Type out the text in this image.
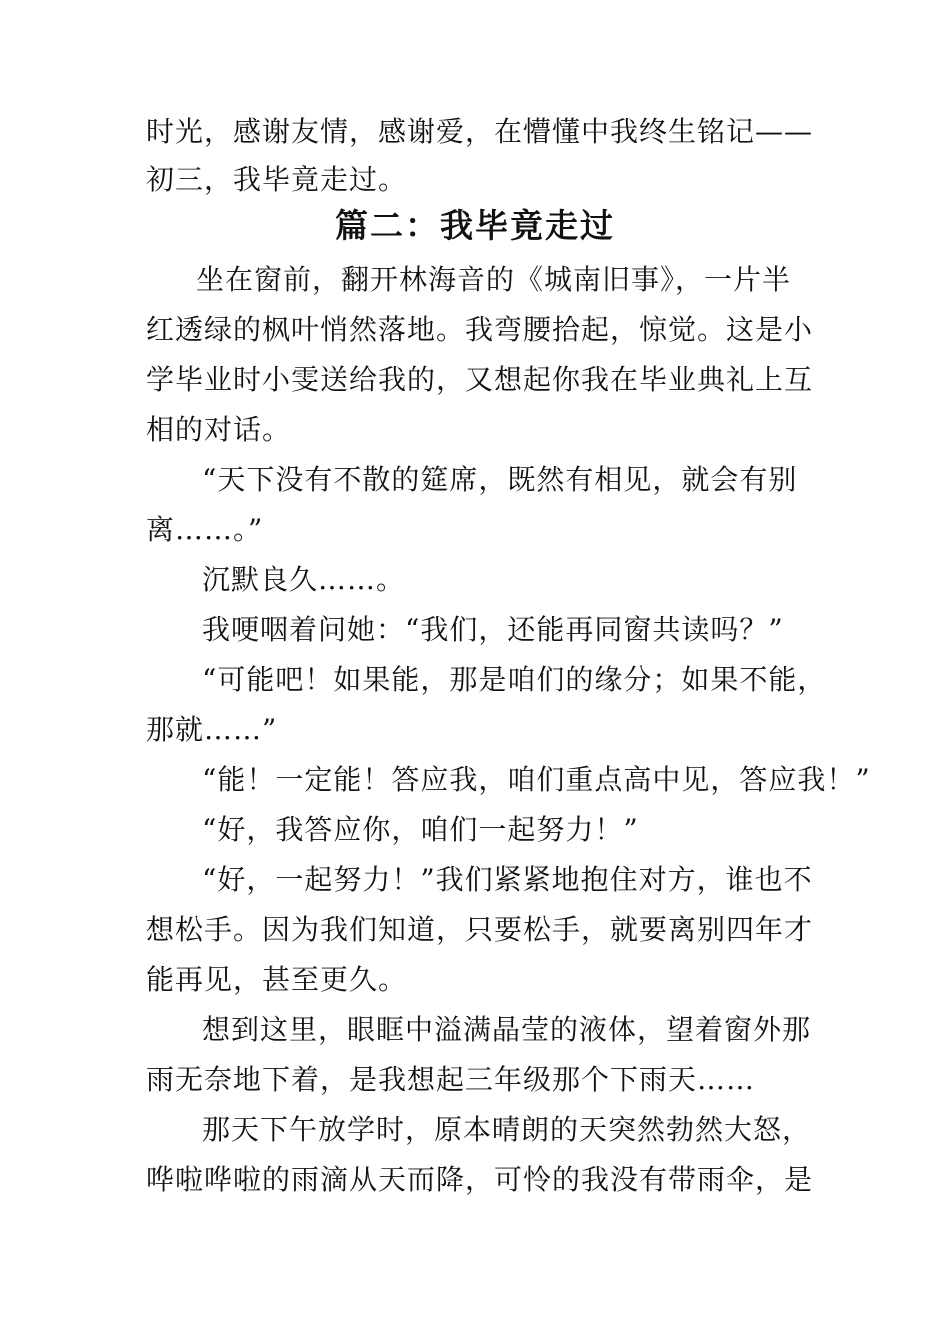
时光，感谢友情，感谢爱，在懵懂中我终生铭记——
初三，我毕竟走过。
篇二：我毕竟走过
坐在窗前，翻开林海音的《城南旧事》，一片半
红透绿的枫叶悄然落地。我弯腰拾起，惊觉。这是小
学毕业时小雯送给我的，又想起你我在毕业典礼上互
相的对话。
“天下没有不散的筵席，既然有相见，就会有别
离……。”
沉默良久……。
我哽咽着问她：“我们，还能再同窗共读吗？”
“可能吧！如果能，那是咱们的缘分；如果不能，
那就……”
“能！一定能！答应我，咱们重点高中见，答应我！”
“好，我答应你，咱们一起努力！”
“好，一起努力！”我们紧紧地抱住对方，谁也不
想松手。因为我们知道，只要松手，就要离别四年才
能再见，甚至更久。
想到这里，眼眶中溢满晶莹的液体，望着窗外那
雨无奈地下着，是我想起三年级那个下雨天……
那天下午放学时，原本晴朗的天突然勃然大怒，
哗啦哗啦的雨滴从天而降，可怜的我没有带雨伞，是
